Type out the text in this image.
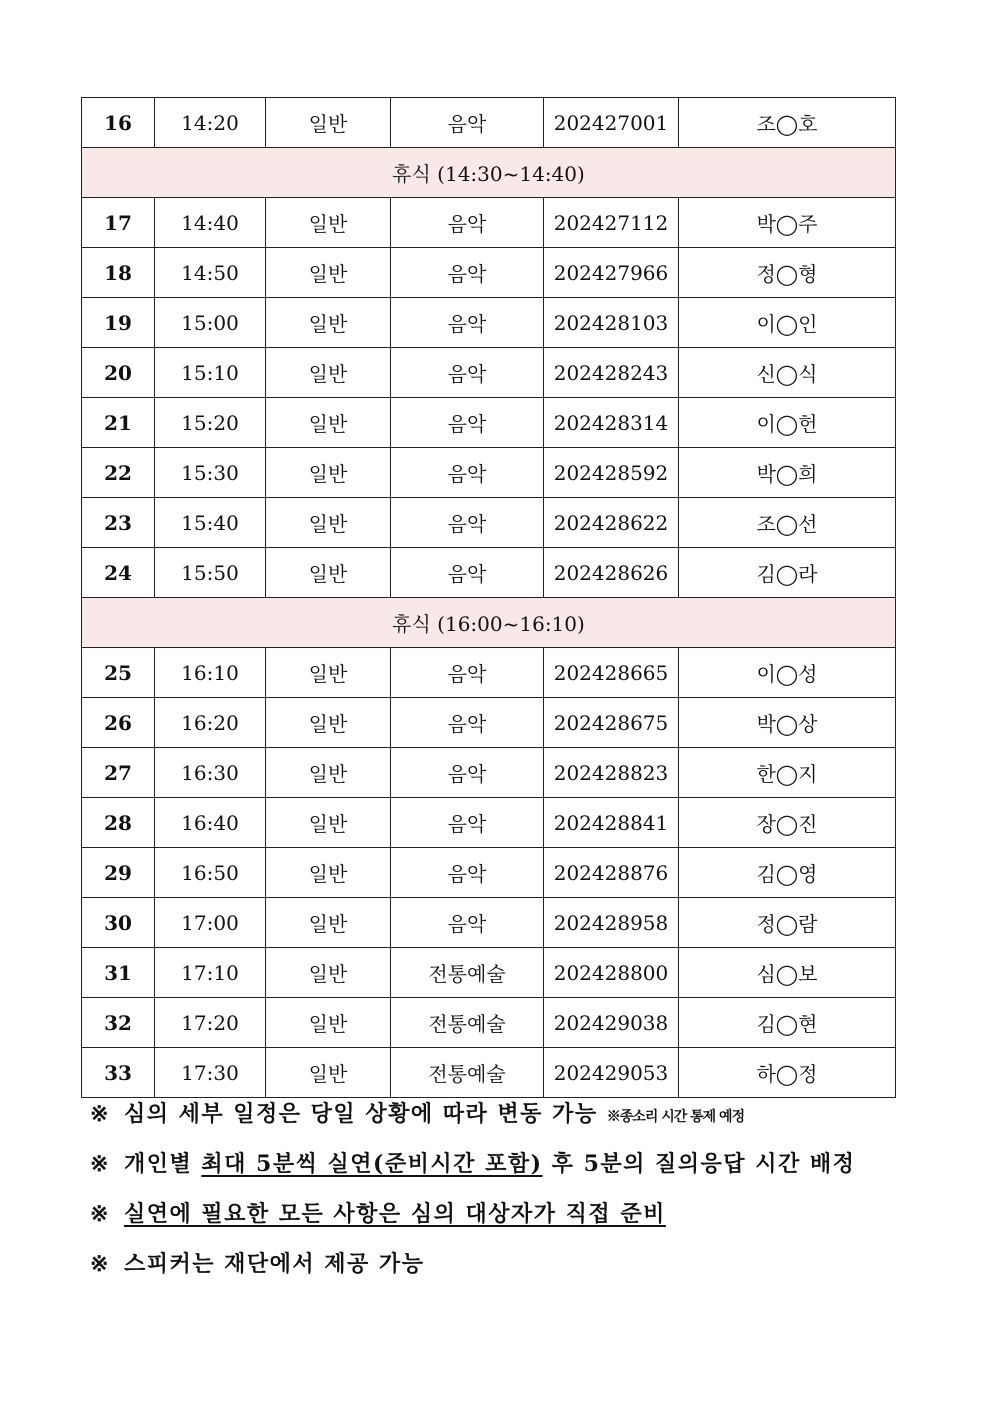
16	14:20	일반	음악	202427001	조◯호
휴식 (14:30~14:40)					
17	14:40	일반	음악	202427112	박◯주
18	14:50	일반	음악	202427966	정◯형
19	15:00	일반	음악	202428103	이◯인
20	15:10	일반	음악	202428243	신◯식
21	15:20	일반	음악	202428314	이◯헌
22	15:30	일반	음악	202428592	박◯희
23	15:40	일반	음악	202428622	조◯선
24	15:50	일반	음악	202428626	김◯라
휴식 (16:00~16:10)					
25	16:10	일반	음악	202428665	이◯성
26	16:20	일반	음악	202428675	박◯상
27	16:30	일반	음악	202428823	한◯지
28	16:40	일반	음악	202428841	장◯진
29	16:50	일반	음악	202428876	김◯영
30	17:00	일반	음악	202428958	정◯람
31	17:10	일반	전통예술	202428800	심◯보
32	17:20	일반	전통예술	202429038	김◯현
33	17:30	일반	전통예술	202429053	하◯정
※ 심의 세부 일정은 당일 상황에 따라 변동 가능 ※종소리 시간 통제 예정
※ 개인별 최대 5분씩 실연(준비시간 포함) 후 5분의 질의응답 시간 배정
※ 실연에 필요한 모든 사항은 심의 대상자가 직접 준비
※ 스피커는 재단에서 제공 가능
